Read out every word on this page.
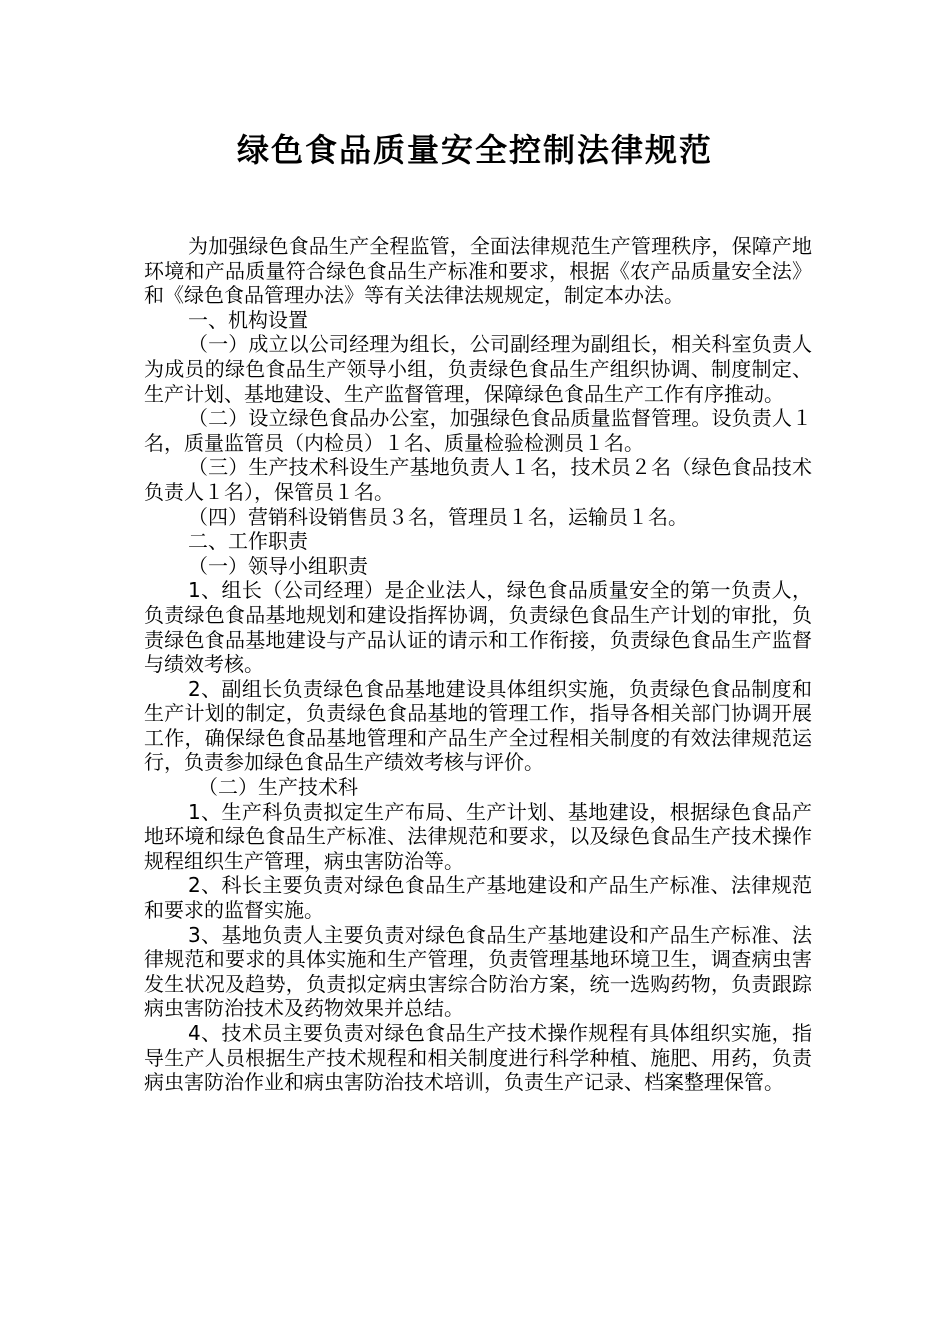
绿色食品质量安全控制法律规范

为加强绿色食品生产全程监管，全面法律规范生产管理秩序，保障产地环境和产品质量符合绿色食品生产标准和要求，根据《农产品质量安全法》和《绿色食品管理办法》等有关法律法规规定，制定本办法。

一、机构设置

（一）成立以公司经理为组长，公司副经理为副组长，相关科室负责人为成员的绿色食品生产领导小组，负责绿色食品生产组织协调、制度制定、生产计划、基地建设、生产监督管理，保障绿色食品生产工作有序推动。

（二）设立绿色食品办公室，加强绿色食品质量监督管理。设负责人１名，质量监管员（内检员）１名、质量检验检测员１名。

（三）生产技术科设生产基地负责人１名，技术员２名（绿色食品技术负责人１名），保管员１名。

（四）营销科设销售员３名，管理员１名，运输员１名。

二、工作职责

（一）领导小组职责

1、组长（公司经理）是企业法人，绿色食品质量安全的第一负责人，负责绿色食品基地规划和建设指挥协调，负责绿色食品生产计划的审批，负责绿色食品基地建设与产品认证的请示和工作衔接，负责绿色食品生产监督与绩效考核。

2、副组长负责绿色食品基地建设具体组织实施，负责绿色食品制度和生产计划的制定，负责绿色食品基地的管理工作，指导各相关部门协调开展工作，确保绿色食品基地管理和产品生产全过程相关制度的有效法律规范运行，负责参加绿色食品生产绩效考核与评价。

（二）生产技术科

1、生产科负责拟定生产布局、生产计划、基地建设，根据绿色食品产地环境和绿色食品生产标准、法律规范和要求，以及绿色食品生产技术操作规程组织生产管理，病虫害防治等。

2、科长主要负责对绿色食品生产基地建设和产品生产标准、法律规范和要求的监督实施。

3、基地负责人主要负责对绿色食品生产基地建设和产品生产标准、法律规范和要求的具体实施和生产管理，负责管理基地环境卫生，调查病虫害发生状况及趋势，负责拟定病虫害综合防治方案，统一选购药物，负责跟踪病虫害防治技术及药物效果并总结。

4、技术员主要负责对绿色食品生产技术操作规程有具体组织实施，指导生产人员根据生产技术规程和相关制度进行科学种植、施肥、用药，负责病虫害防治作业和病虫害防治技术培训，负责生产记录、档案整理保管。
